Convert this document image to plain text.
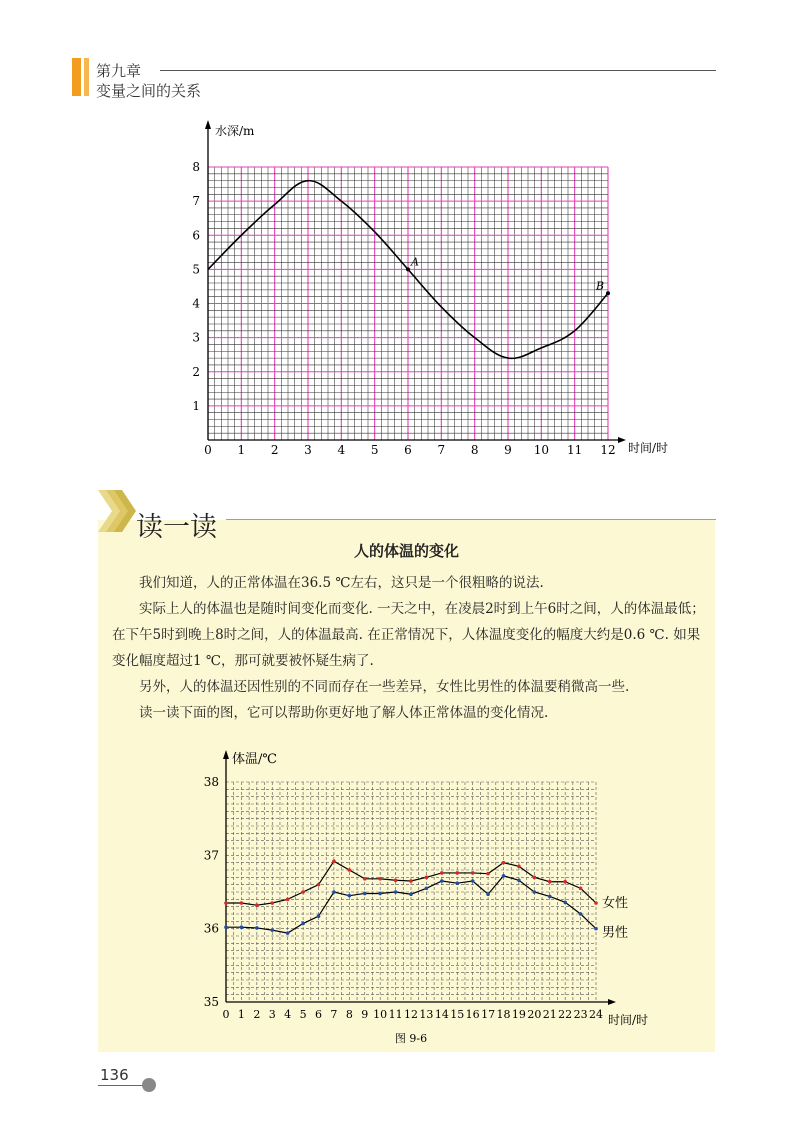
第九章
变量之间的关系
0 1 2 3 4 5 6 7 8 9 10 11 12
1
2
3
4
5
6
7
8
水深/m
时间/时
A
B
读一读
人的体温的变化
我们知道，人的正常体温在36.5 ℃左右，这只是一个很粗略的说法.
实际上人的体温也是随时间变化而变化. 一天之中，在凌晨2时到上午6时之间，人的体温最低；在下午5时到晚上8时之间，人的体温最高. 在正常情况下，人体温度变化的幅度大约是0.6 ℃. 如果变化幅度超过1 ℃，那可就要被怀疑生病了.
另外，人的体温还因性别的不同而存在一些差异，女性比男性的体温要稍微高一些.
读一读下面的图，它可以帮助你更好地了解人体正常体温的变化情况.
0 1 2 3 4 5 6 7 8 9 10 11 12 13 14 15 16 17 18 19 20 21 22 23 24
35
36
37
38
体温/℃
时间/时
女性
男性
图 9-6
136
